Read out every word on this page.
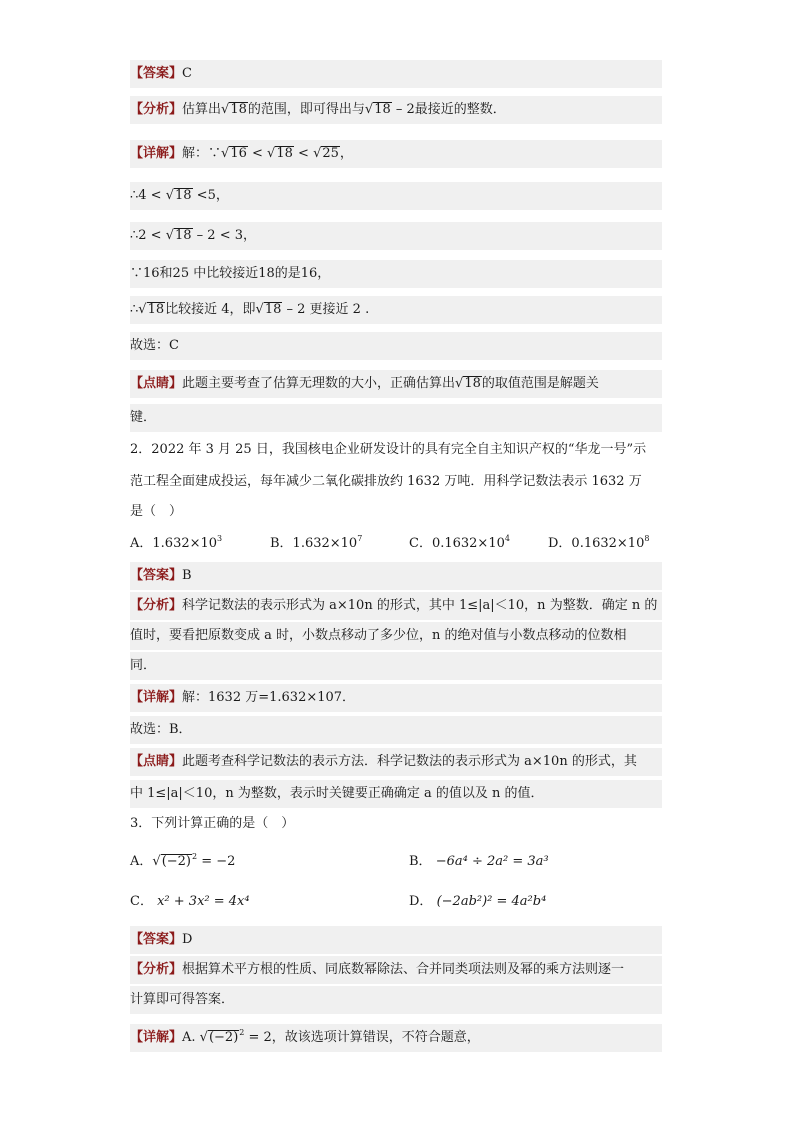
【答案】C
【分析】估算出√18的范围，即可得出与√18 – 2最接近的整数．
【详解】解：∵√16 < √18 < √25，
∴4 < √18 <5，
∴2 < √18 – 2 < 3，
∵16和25 中比较接近18的是16，
∴√18比较接近 4，即√18 – 2 更接近 2 .
故选：C
【点睛】此题主要考查了估算无理数的大小，正确估算出√18的取值范围是解题关
键．
2．2022 年 3 月 25 日，我国核电企业研发设计的具有完全自主知识产权的“华龙一号”示
范工程全面建成投运，每年减少二氧化碳排放约 1632 万吨．用科学记数法表示 1632 万
是（　）
A．$1.632\times 10^3$	B．$1.632\times 10^7$	C．$0.1632\times 10^4$	D．$0.1632\times 10^8$
【答案】B
【分析】科学记数法的表示形式为 a×10n 的形式，其中 1≤|a|＜10，n 为整数．确定 n 的
值时，要看把原数变成 a 时，小数点移动了多少位，n 的绝对值与小数点移动的位数相
同．
【详解】解：1632 万=1.632×107．
故选：B．
【点睛】此题考查科学记数法的表示方法．科学记数法的表示形式为 a×10n 的形式，其
中 1≤|a|＜10，n 为整数，表示时关键要正确确定 a 的值以及 n 的值．
3．下列计算正确的是（　）
A．$√(-2)^2 = -2$	B． −6a⁴ ÷ 2a² = 3a³
C． x² + 3x² = 4x⁴	D． (−2ab²)² = 4a²b⁴
【答案】D
【分析】根据算术平方根的性质、同底数幂除法、合并同类项法则及幂的乘方法则逐一
计算即可得答案．
【详解】A. $√(-2)^2 = 2$，故该选项计算错误，不符合题意，
